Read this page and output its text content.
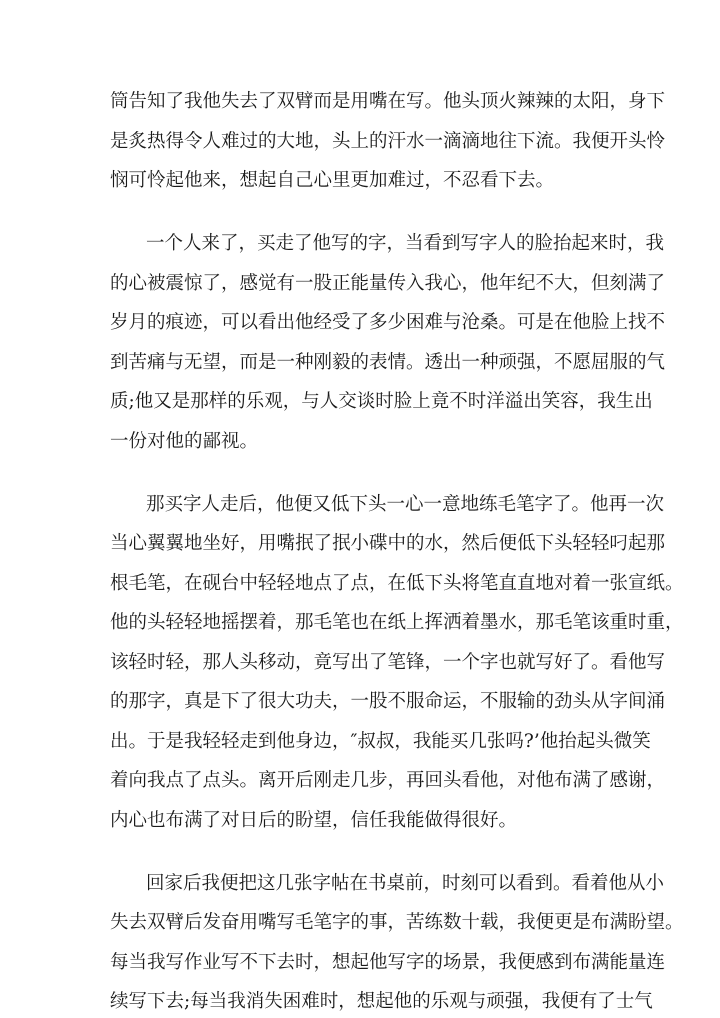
筒告知了我他失去了双臂而是用嘴在写。他头顶火辣辣的太阳，身下
是炙热得令人难过的大地，头上的汗水一滴滴地往下流。我便开头怜
悯可怜起他来，想起自己心里更加难过，不忍看下去。
一个人来了，买走了他写的字，当看到写字人的脸抬起来时，我
的心被震惊了，感觉有一股正能量传入我心，他年纪不大，但刻满了
岁月的痕迹，可以看出他经受了多少困难与沧桑。可是在他脸上找不
到苦痛与无望，而是一种刚毅的表情。透出一种顽强，不愿屈服的气
质;他又是那样的乐观，与人交谈时脸上竟不时洋溢出笑容，我生出
一份对他的鄙视。
那买字人走后，他便又低下头一心一意地练毛笔字了。他再一次
当心翼翼地坐好，用嘴抿了抿小碟中的水，然后便低下头轻轻叼起那
根毛笔，在砚台中轻轻地点了点，在低下头将笔直直地对着一张宣纸。
他的头轻轻地摇摆着，那毛笔也在纸上挥洒着墨水，那毛笔该重时重，
该轻时轻，那人头移动，竟写出了笔锋，一个字也就写好了。看他写
的那字，真是下了很大功夫，一股不服命运，不服输的劲头从字间涌
出。于是我轻轻走到他身边，″叔叔，我能买几张吗?’他抬起头微笑
着向我点了点头。离开后刚走几步，再回头看他，对他布满了感谢，
内心也布满了对日后的盼望，信任我能做得很好。
回家后我便把这几张字帖在书桌前，时刻可以看到。看着他从小
失去双臂后发奋用嘴写毛笔字的事，苦练数十载，我便更是布满盼望。
每当我写作业写不下去时，想起他写字的场景，我便感到布满能量连
续写下去;每当我消失困难时，想起他的乐观与顽强，我便有了士气
